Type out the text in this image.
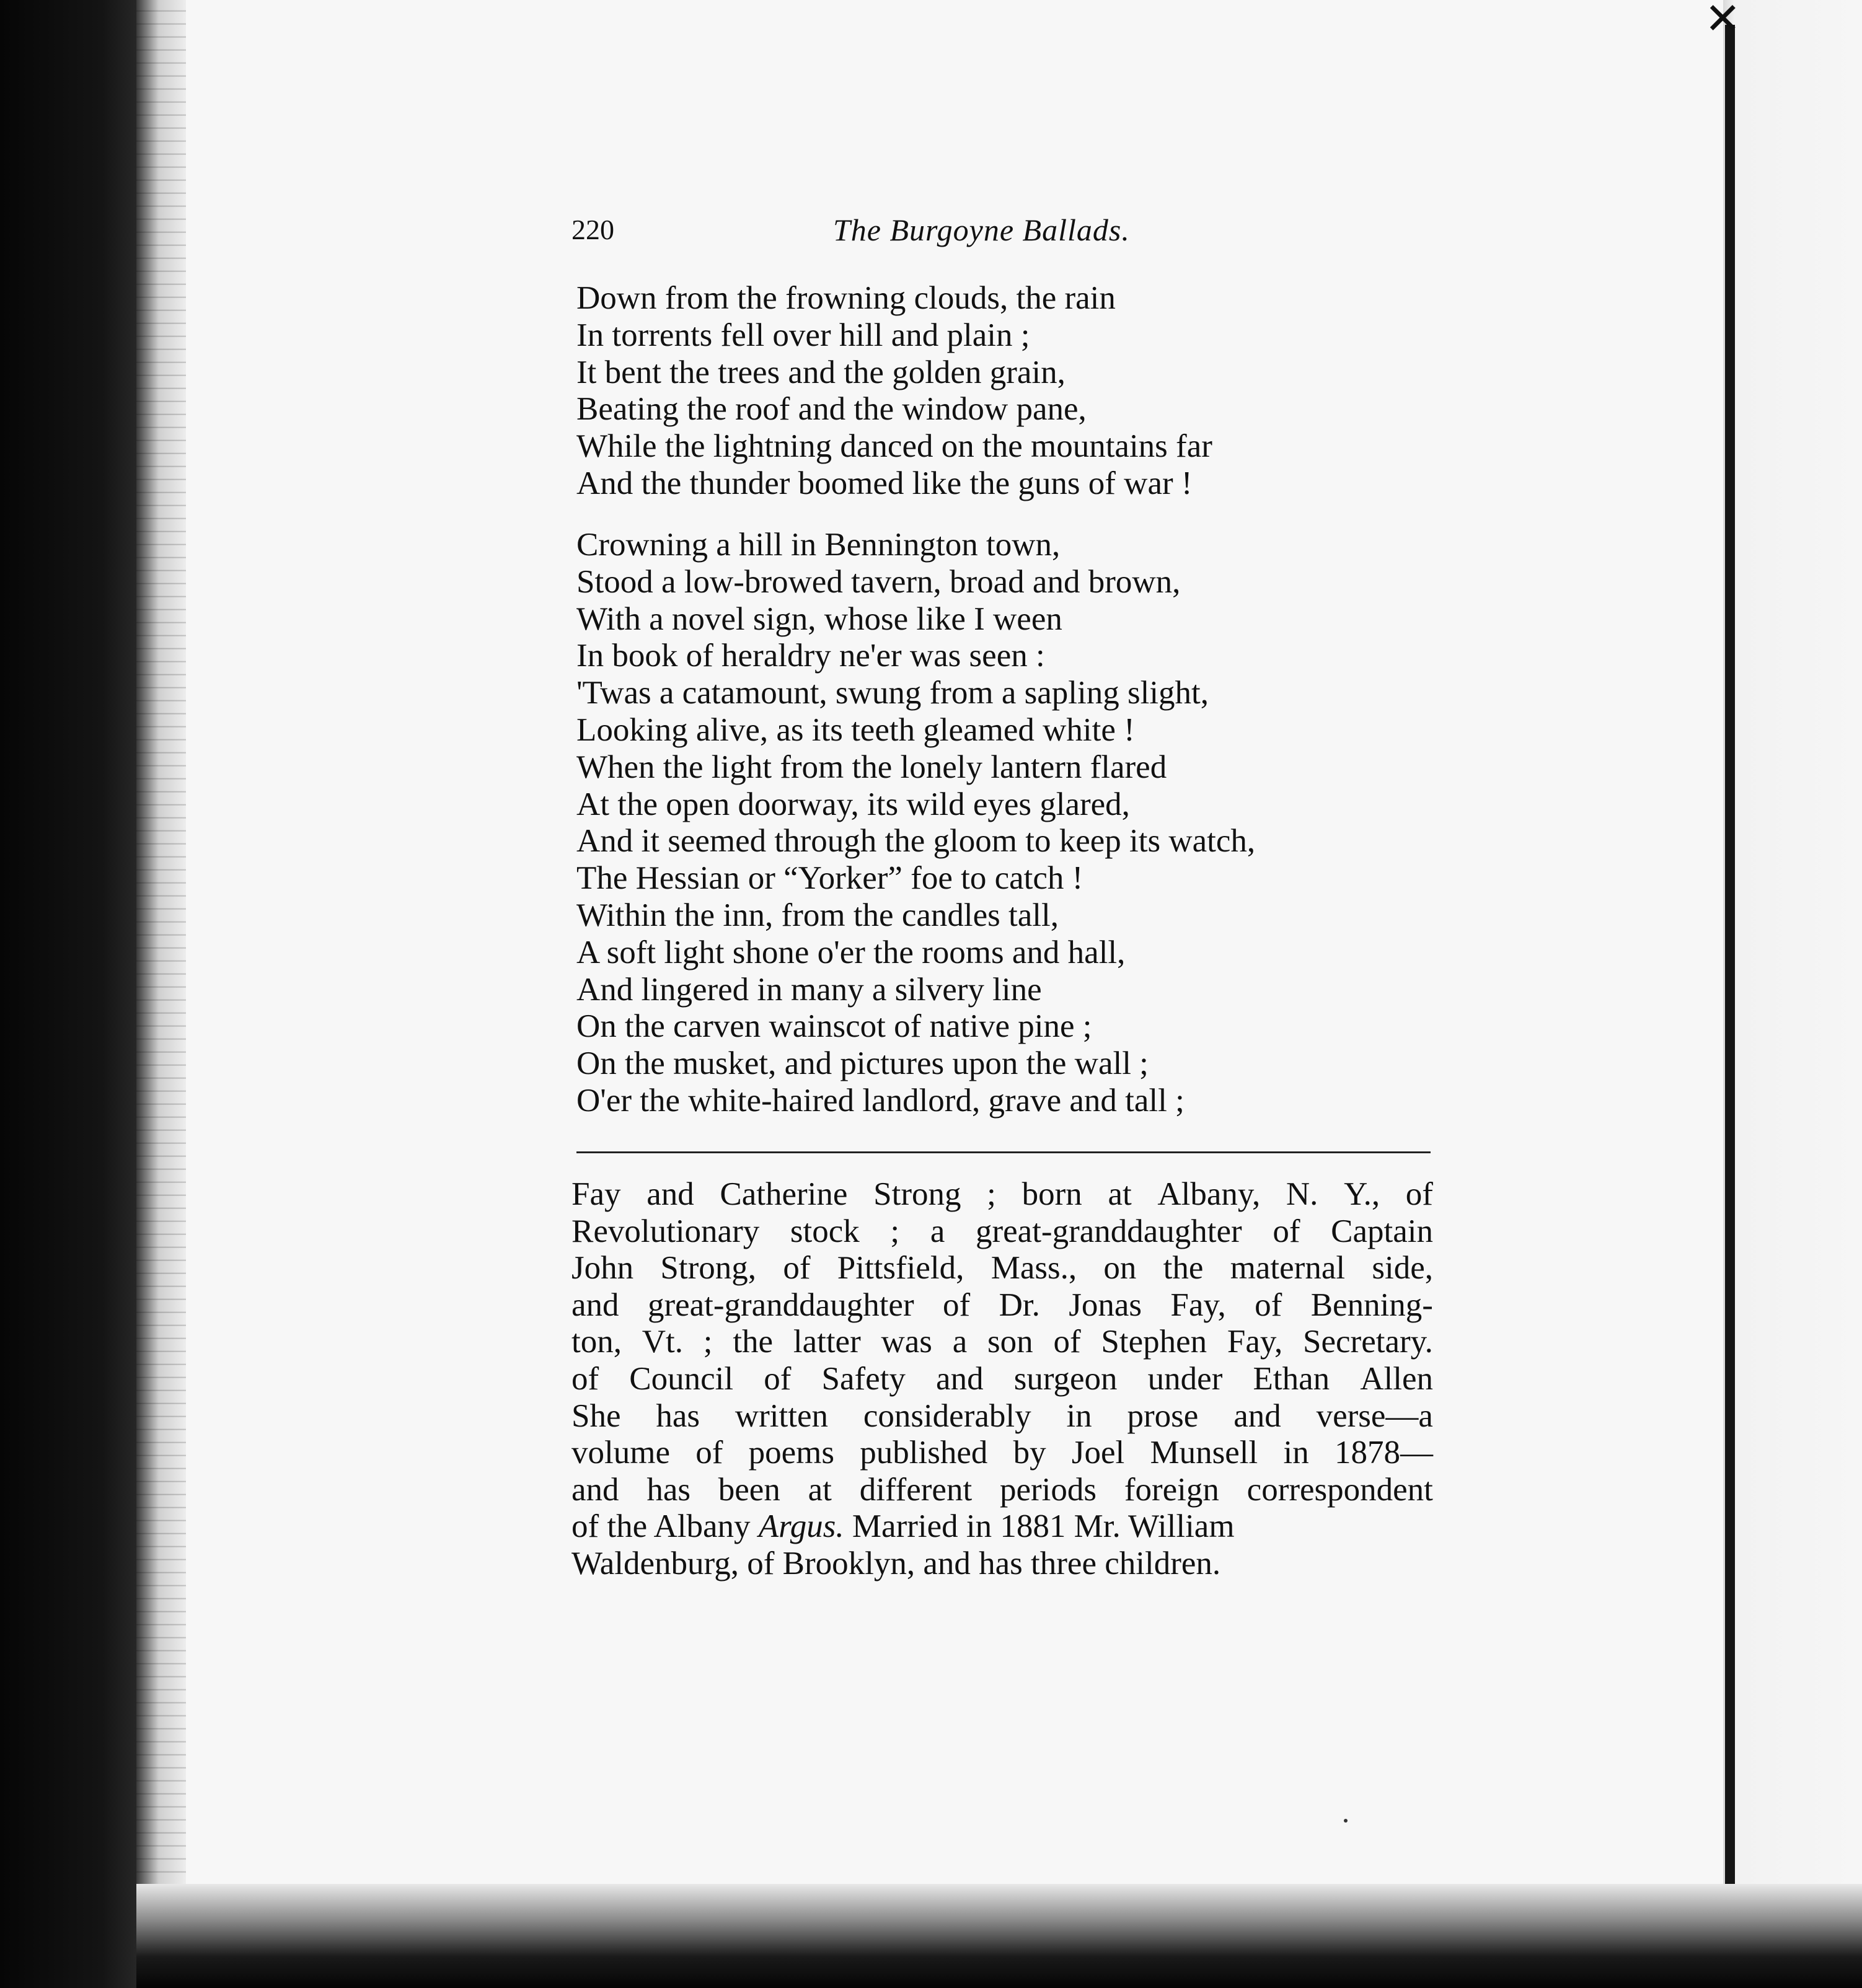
✕
220	The Burgoyne Ballads.
Down from the frowning clouds, the rain
In torrents fell over hill and plain ;
It bent the trees and the golden grain,
Beating the roof and the window pane,
While the lightning danced on the mountains far
And the thunder boomed like the guns of war !
Crowning a hill in Bennington town,
Stood a low-browed tavern, broad and brown,
With a novel sign, whose like I ween
In book of heraldry ne'er was seen :
'Twas a catamount, swung from a sapling slight,
Looking alive, as its teeth gleamed white !
When the light from the lonely lantern flared
At the open doorway, its wild eyes glared,
And it seemed through the gloom to keep its watch,
The Hessian or “Yorker” foe to catch !
Within the inn, from the candles tall,
A soft light shone o'er the rooms and hall,
And lingered in many a silvery line
On the carven wainscot of native pine ;
On the musket, and pictures upon the wall ;
O'er the white-haired landlord, grave and tall ;
Fay and Catherine Strong ; born at Albany, N. Y., of
Revolutionary stock ; a great-granddaughter of Captain
John Strong, of Pittsfield, Mass., on the maternal side,
and great-granddaughter of Dr. Jonas Fay, of Benning-
ton, Vt. ; the latter was a son of Stephen Fay, Secretary.
of Council of Safety and surgeon under Ethan Allen
She has written considerably in prose and verse—a
volume of poems published by Joel Munsell in 1878—
and has been at different periods foreign correspondent
of the Albany Argus. Married in 1881 Mr. William
Waldenburg, of Brooklyn, and has three children.
